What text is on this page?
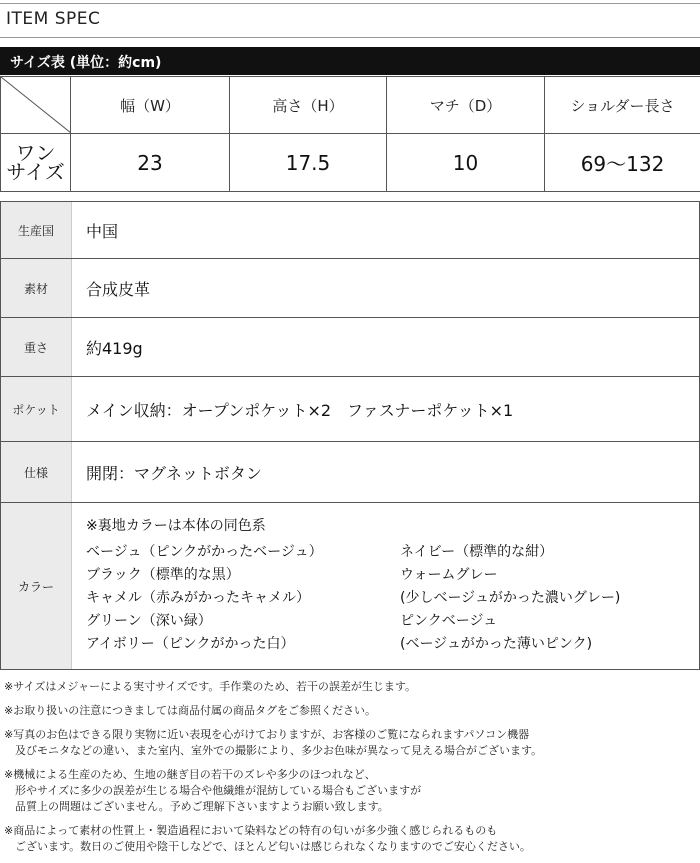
ITEM SPEC
サイズ表 (単位：約cm)
	幅（W）	高さ（H）	マチ（D）	ショルダー長さ

ワン
サイズ	23	17.5	10	69〜132
生産国	中国
素材	合成皮革
重さ	約419g
ポケット	メイン収納：オープンポケット×2　ファスナーポケット×1
仕様	開閉：マグネットボタン
カラー
※裏地カラーは本体の同色系
ベージュ（ピンクがかったベージュ）	ネイビー（標準的な紺）
ブラック（標準的な黒）	ウォームグレー
キャメル（赤みがかったキャメル）	(少しベージュがかった濃いグレー)
グリーン（深い緑）	ピンクベージュ
アイボリー（ピンクがかった白）	(ベージュがかった薄いピンク)

※サイズはメジャーによる実寸サイズです。手作業のため、若干の誤差が生じます。

※お取り扱いの注意につきましては商品付属の商品タグをご参照ください。

※写真のお色はできる限り実物に近い表現を心がけておりますが、お客様のご覧になられますパソコン機器
　及びモニタなどの違い、また室内、室外での撮影により、多少お色味が異なって見える場合がございます。

※機械による生産のため、生地の継ぎ目の若干のズレや多少のほつれなど、
　形やサイズに多少の誤差が生じる場合や他繊維が混紡している場合もございますが
　品質上の問題はございません。予めご理解下さいますようお願い致します。

※商品によって素材の性質上・製造過程において染料などの特有の匂いが多少強く感じられるものも
　ございます。数日のご使用や陰干しなどで、ほとんど匂いは感じられなくなりますのでご安心ください。
